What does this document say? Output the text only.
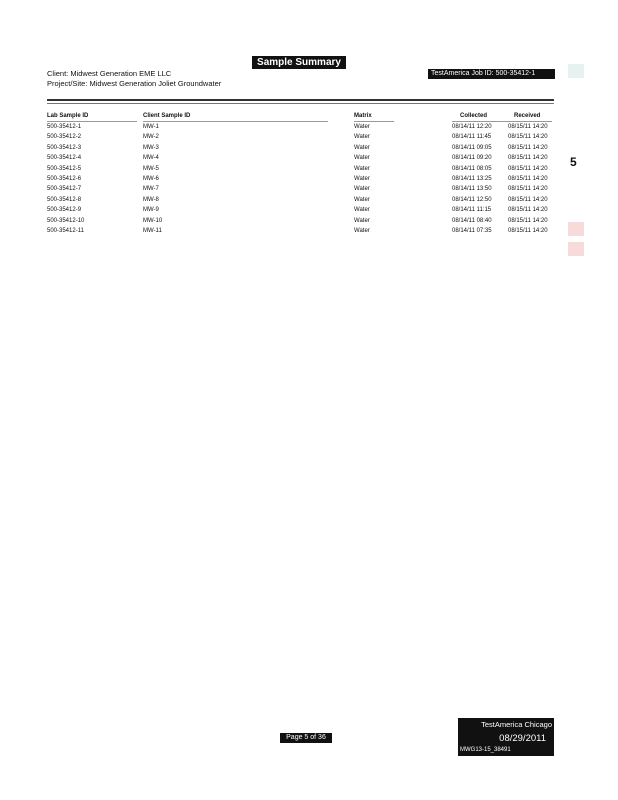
Sample Summary
Client: Midwest Generation EME LLC
Project/Site: Midwest Generation Joliet Groundwater
TestAmerica Job ID: 500-35412-1
Lab Sample ID	Client Sample ID	Matrix	Collected	Received
500-35412-1	MW-1	Water	08/14/11 12:20	08/15/11 14:20
500-35412-2	MW-2	Water	08/14/11 11:45	08/15/11 14:20
500-35412-3	MW-3	Water	08/14/11 09:05	08/15/11 14:20
500-35412-4	MW-4	Water	08/14/11 09:20	08/15/11 14:20
500-35412-5	MW-5	Water	08/14/11 08:05	08/15/11 14:20
500-35412-6	MW-6	Water	08/14/11 13:25	08/15/11 14:20
500-35412-7	MW-7	Water	08/14/11 13:50	08/15/11 14:20
500-35412-8	MW-8	Water	08/14/11 12:50	08/15/11 14:20
500-35412-9	MW-9	Water	08/14/11 11:15	08/15/11 14:20
500-35412-10	MW-10	Water	08/14/11 08:40	08/15/11 14:20
500-35412-11	MW-11	Water	08/14/11 07:35	08/15/11 14:20
5
Page 5 of 36
TestAmerica Chicago
08/29/2011
MWG13-15_38491
